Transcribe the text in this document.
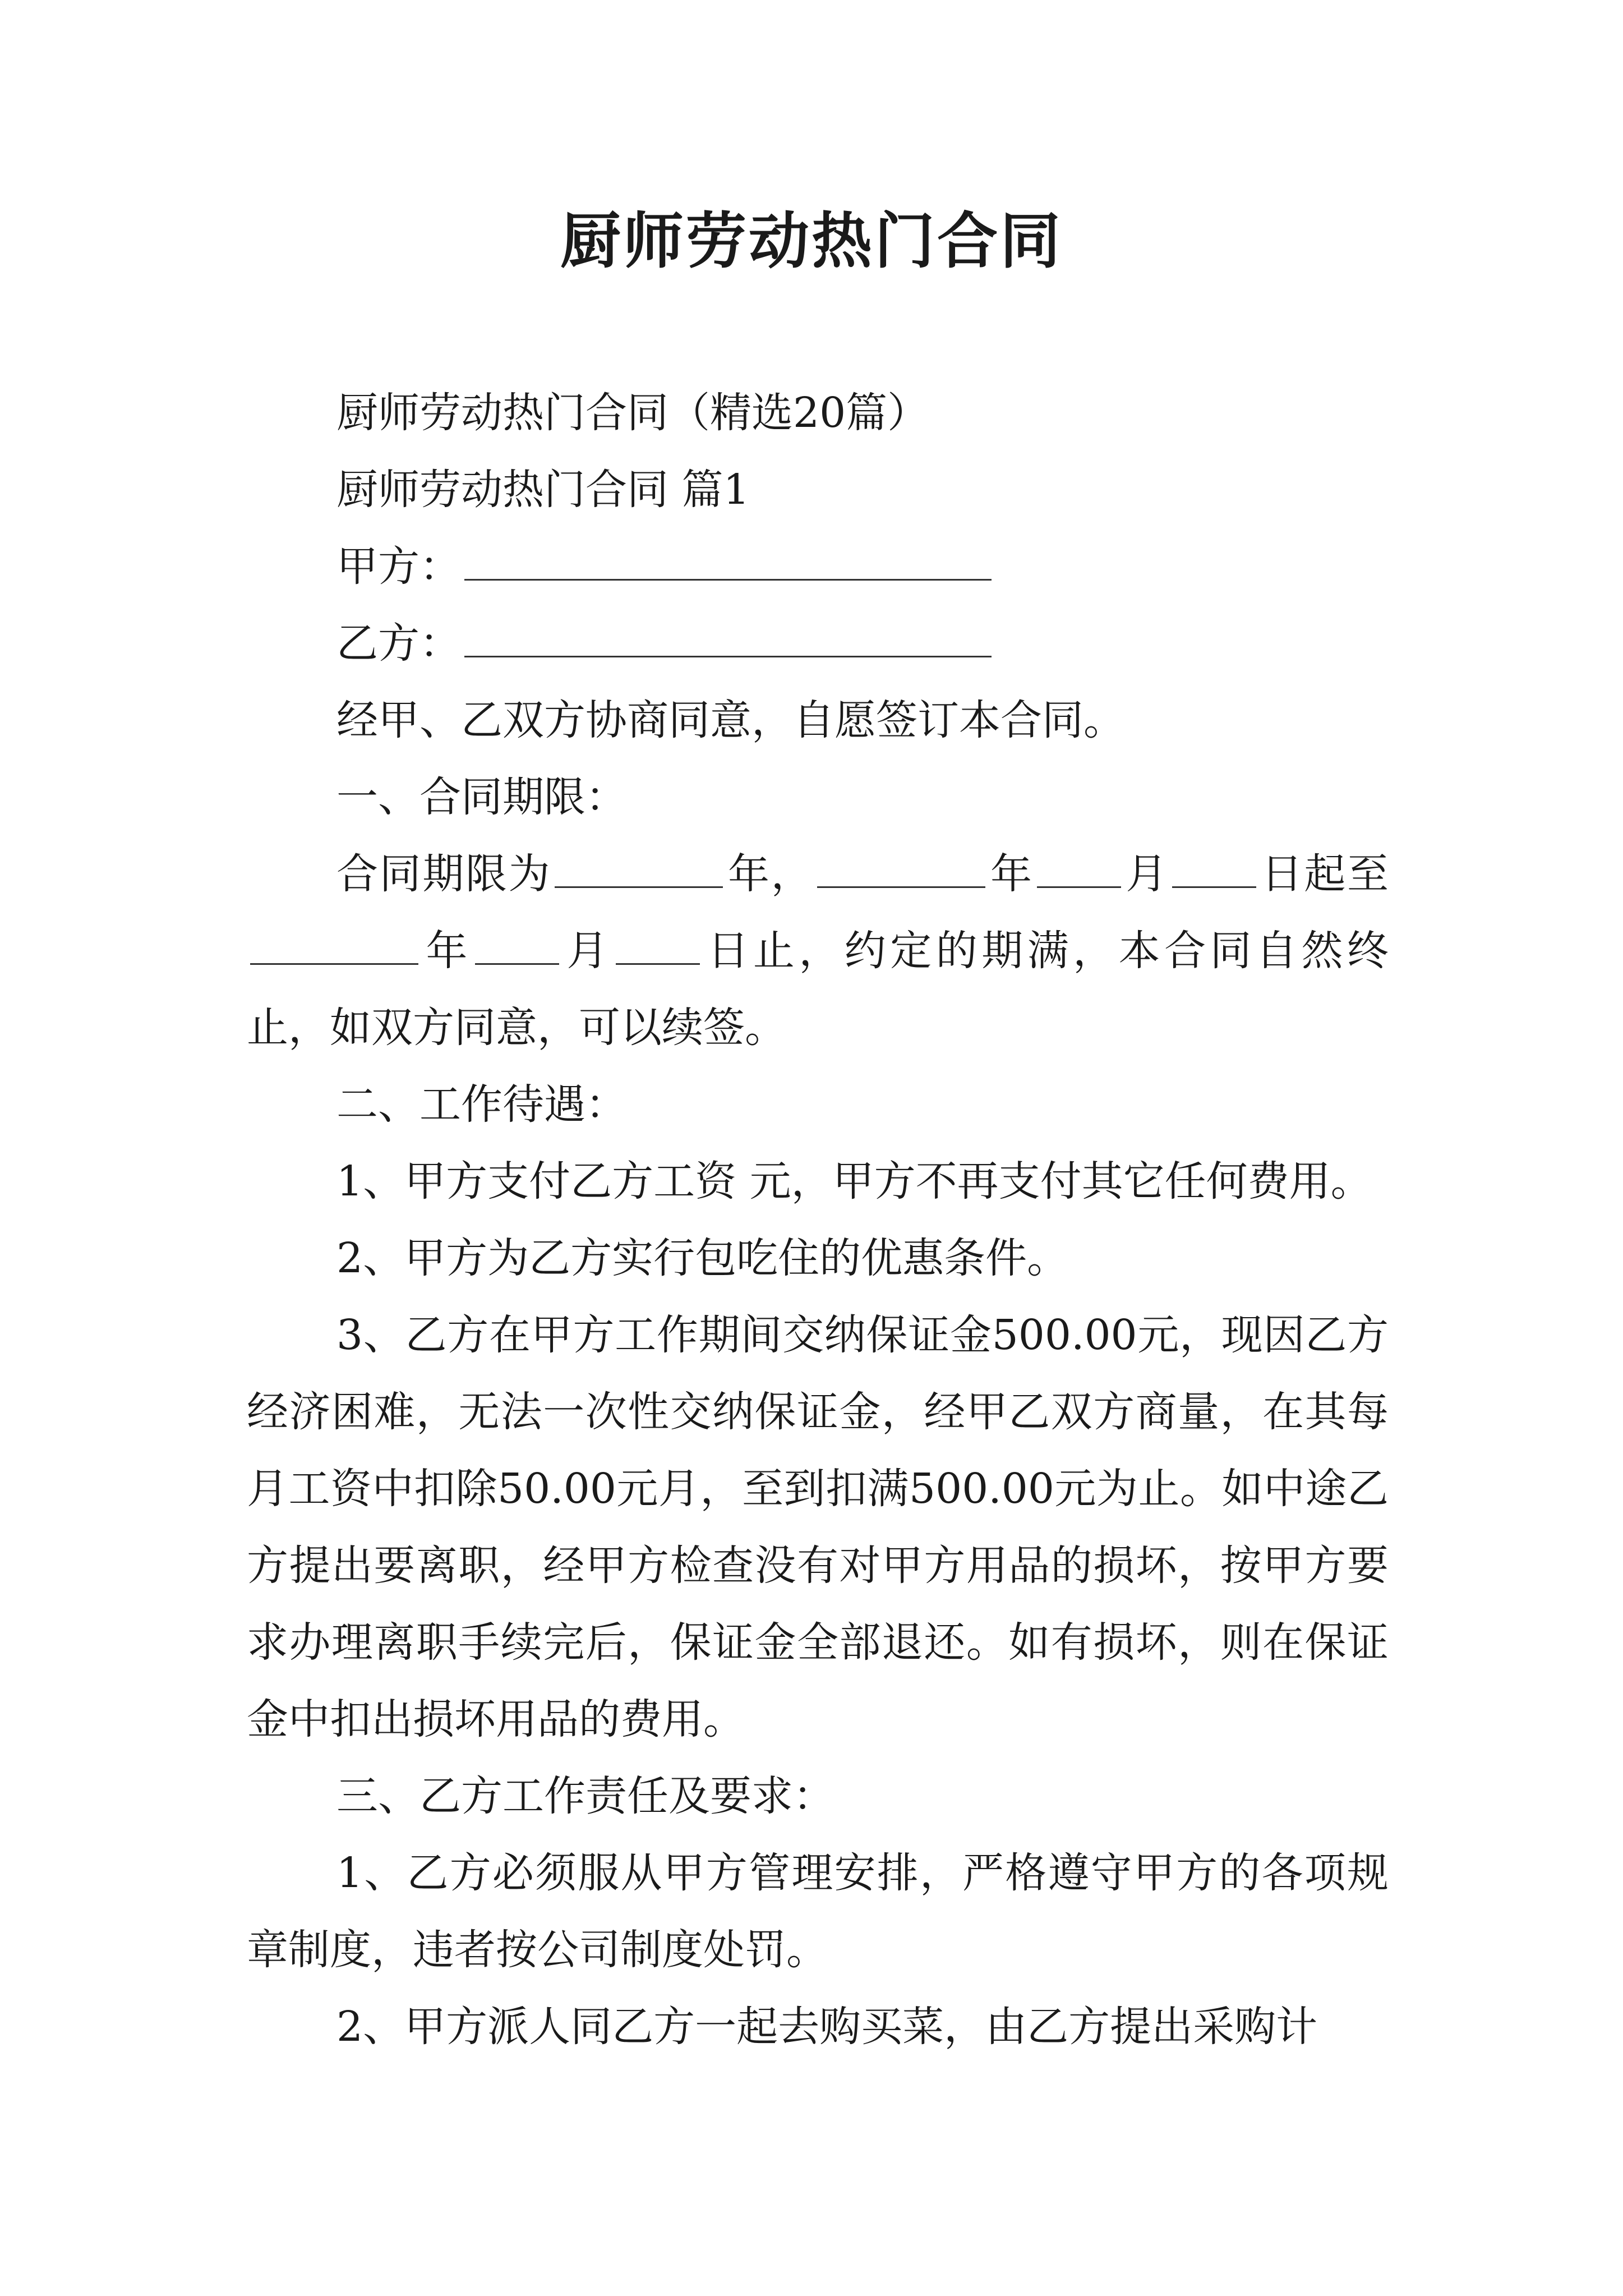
厨师劳动热门合同

厨师劳动热门合同（精选20篇）

厨师劳动热门合同 篇1

甲方：

乙方：

经甲、乙双方协商同意，自愿签订本合同。

一、合同期限：

合同期限为	年，	年 月 日起至年 月 日止，约定的期满，本合同自然终止，如双方同意，可以续签。

二、工作待遇：

1、甲方支付乙方工资 元，甲方不再支付其它任何费用。

2、甲方为乙方实行包吃住的优惠条件。

3、乙方在甲方工作期间交纳保证金500.00元，现因乙方经济困难，无法一次性交纳保证金，经甲乙双方商量，在其每月工资中扣除50.00元月，至到扣满500.00元为止。如中途乙方提出要离职，经甲方检查没有对甲方用品的损坏，按甲方要求办理离职手续完后，保证金全部退还。如有损坏，则在保证金中扣出损坏用品的费用。

三、乙方工作责任及要求：

1、乙方必须服从甲方管理安排，严格遵守甲方的各项规章制度，违者按公司制度处罚。

2、甲方派人同乙方一起去购买菜，由乙方提出采购计
